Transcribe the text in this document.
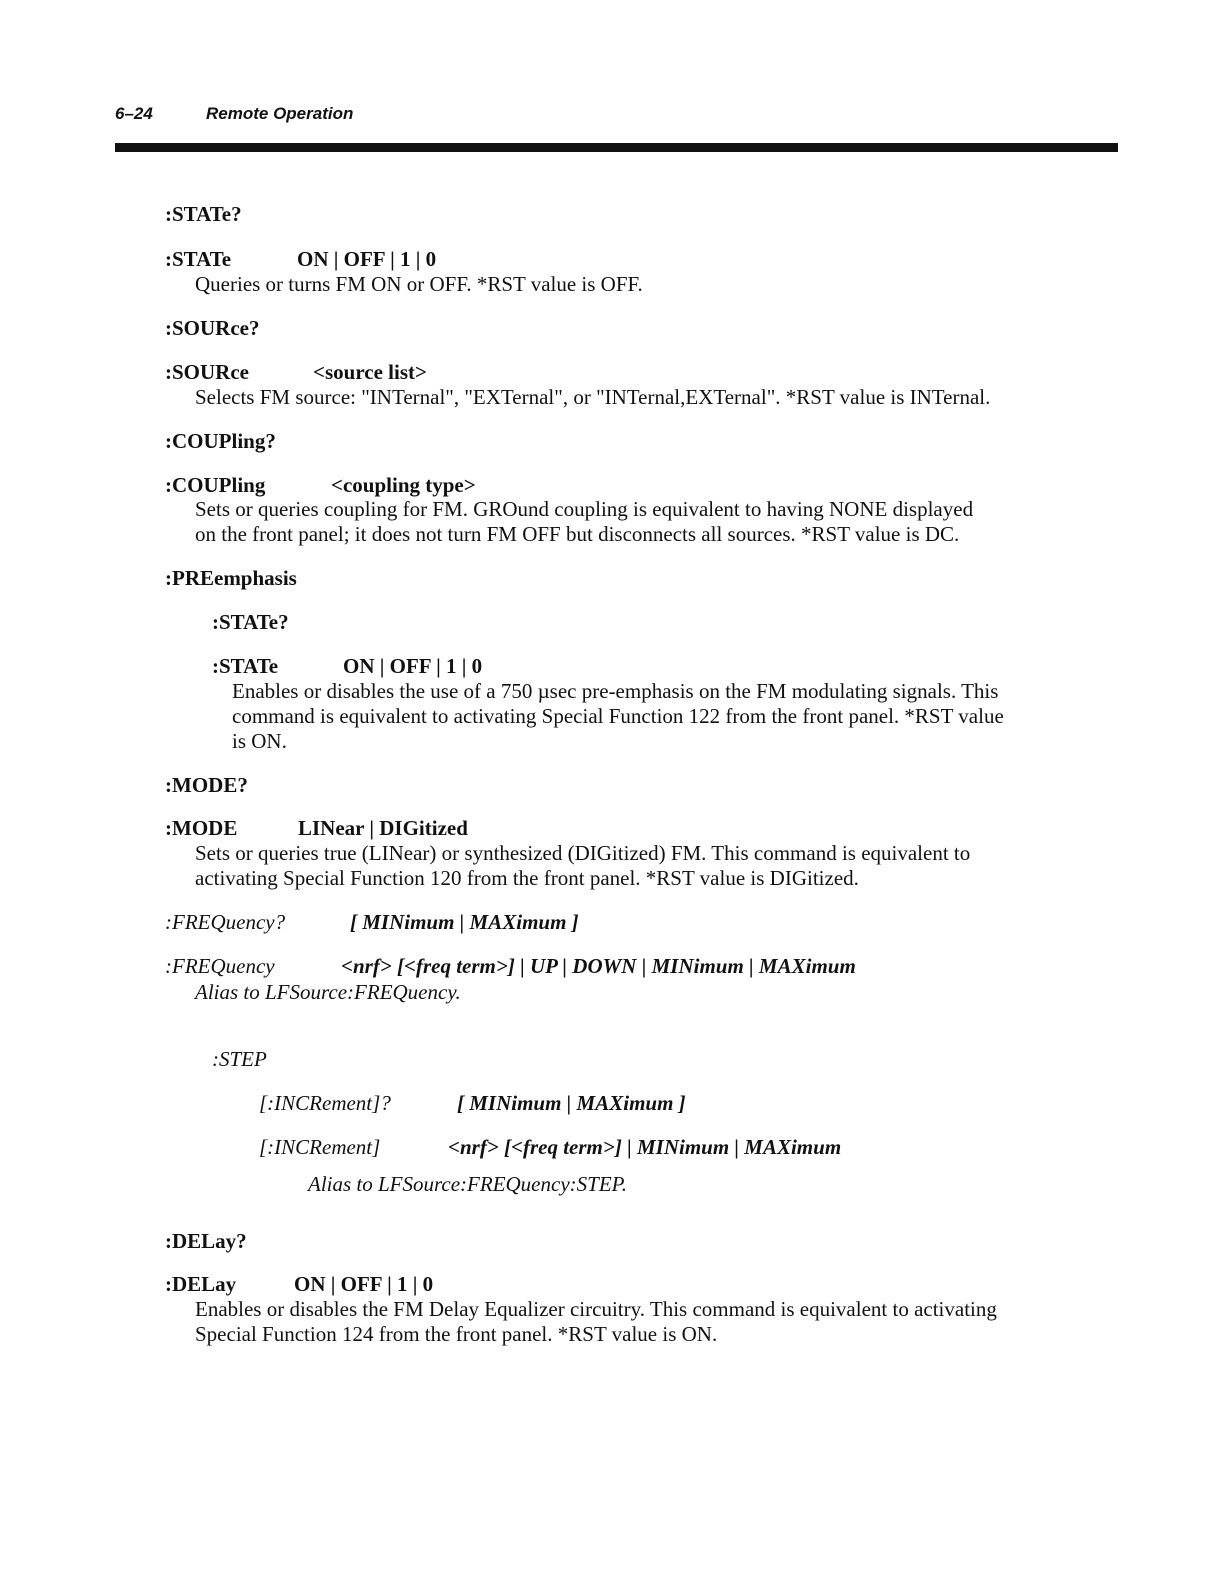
6–24	Remote Operation
:STATe?
:STATe	ON | OFF | 1 | 0
Queries or turns FM ON or OFF. *RST value is OFF.
:SOURce?
:SOURce	<source list>
Selects FM source: "INTernal", "EXTernal", or "INTernal,EXTernal". *RST value is INTernal.
:COUPling?
:COUPling	<coupling type>
Sets or queries coupling for FM. GROund coupling is equivalent to having NONE displayed
on the front panel; it does not turn FM OFF but disconnects all sources. *RST value is DC.
:PREemphasis
:STATe?
:STATe	ON | OFF | 1 | 0
Enables or disables the use of a 750 µsec pre-emphasis on the FM modulating signals. This
command is equivalent to activating Special Function 122 from the front panel. *RST value
is ON.
:MODE?
:MODE	LINear | DIGitized
Sets or queries true (LINear) or synthesized (DIGitized) FM. This command is equivalent to
activating Special Function 120 from the front panel. *RST value is DIGitized.
:FREQuency?	[ MINimum | MAXimum ]
:FREQuency	<nrf> [<freq term>] | UP | DOWN | MINimum | MAXimum
Alias to LFSource:FREQuency.
:STEP
[:INCRement]?	[ MINimum | MAXimum ]
[:INCRement]	<nrf> [<freq term>] | MINimum | MAXimum
Alias to LFSource:FREQuency:STEP.
:DELay?
:DELay	ON | OFF | 1 | 0
Enables or disables the FM Delay Equalizer circuitry. This command is equivalent to activating
Special Function 124 from the front panel. *RST value is ON.
